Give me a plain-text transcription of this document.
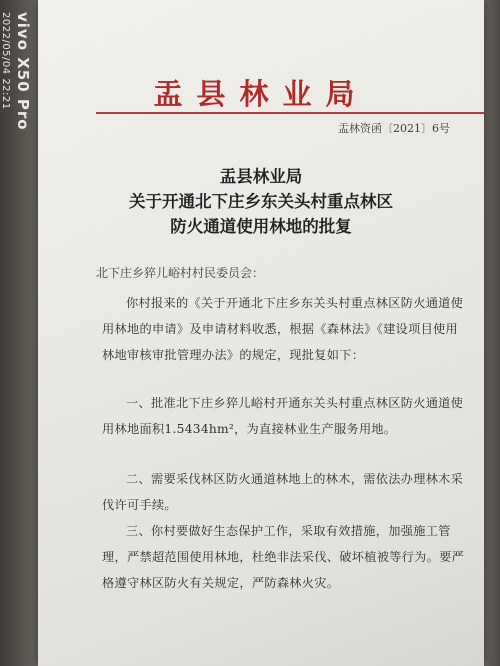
盂县林业局
盂林资函〔2021〕6号
盂县林业局
关于开通北下庄乡东关头村重点林区
防火通道使用林地的批复
北下庄乡猝儿峪村村民委员会：
你村报来的《关于开通北下庄乡东关头村重点林区防火通道使用林地的申请》及申请材料收悉，根据《森林法》《建设项目使用林地审核审批管理办法》的规定，现批复如下：
一、批准北下庄乡猝儿峪村开通东关头村重点林区防火通道使用林地面积1.5434hm²，为直接林业生产服务用地。
二、需要采伐林区防火通道林地上的林木，需依法办理林木采伐许可手续。
三、你村要做好生态保护工作，采取有效措施，加强施工管理，严禁超范围使用林地，杜绝非法采伐、破坏植被等行为。要严格遵守林区防火有关规定，严防森林火灾。
vivo X50 Pro
2022/05/04 22:21
